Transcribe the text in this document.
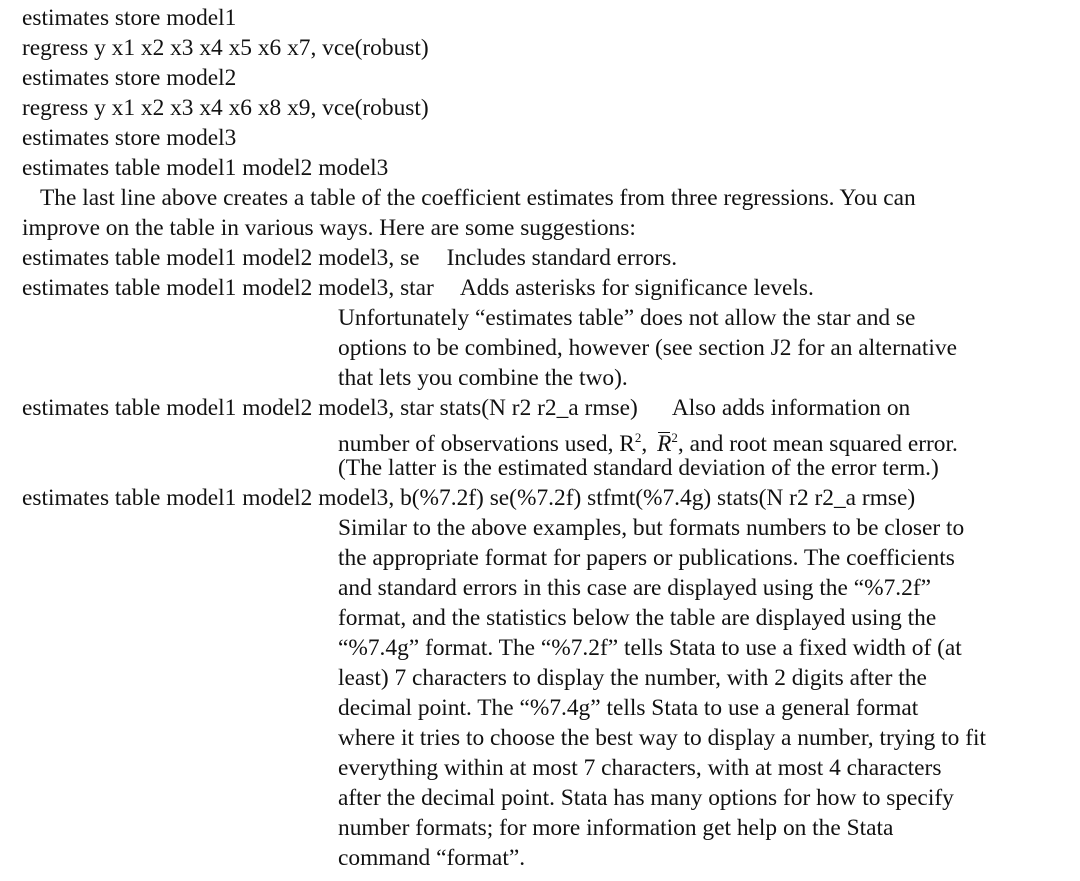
estimates store model1
regress y x1 x2 x3 x4 x5 x6 x7, vce(robust)
estimates store model2
regress y x1 x2 x3 x4 x6 x8 x9, vce(robust)
estimates store model3
estimates table model1 model2 model3
The last line above creates a table of the coefficient estimates from three regressions. You can
improve on the table in various ways. Here are some suggestions:
estimates table model1 model2 model3, se Includes standard errors.
estimates table model1 model2 model3, star Adds asterisks for significance levels.
Unfortunately “estimates table” does not allow the star and se
options to be combined, however (see section J2 for an alternative
that lets you combine the two).
estimates table model1 model2 model3, star stats(N r2 r2_a rmse) Also adds information on
number of observations used, $R^2$, $R^2$, and root mean squared error.
(The latter is the estimated standard deviation of the error term.)
estimates table model1 model2 model3, b(%7.2f) se(%7.2f) stfmt(%7.4g) stats(N r2 r2_a rmse)
Similar to the above examples, but formats numbers to be closer to
the appropriate format for papers or publications. The coefficients
and standard errors in this case are displayed using the “%7.2f”
format, and the statistics below the table are displayed using the
“%7.4g” format. The “%7.2f” tells Stata to use a fixed width of (at
least) 7 characters to display the number, with 2 digits after the
decimal point. The “%7.4g” tells Stata to use a general format
where it tries to choose the best way to display a number, trying to fit
everything within at most 7 characters, with at most 4 characters
after the decimal point. Stata has many options for how to specify
number formats; for more information get help on the Stata
command “format”.
